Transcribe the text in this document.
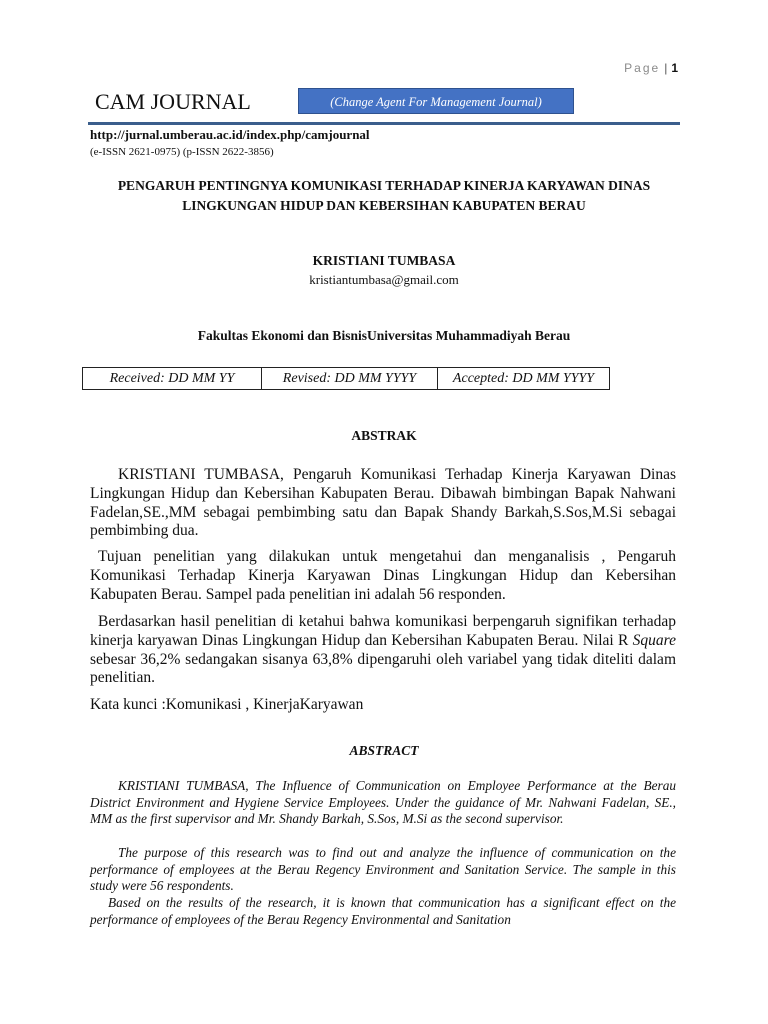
Page | 1
CAM JOURNAL	(Change Agent For Management Journal)
http://jurnal.umberau.ac.id/index.php/camjournal
(e-ISSN 2621-0975) (p-ISSN 2622-3856)
PENGARUH PENTINGNYA KOMUNIKASI TERHADAP KINERJA KARYAWAN DINAS LINGKUNGAN HIDUP DAN KEBERSIHAN KABUPATEN BERAU
KRISTIANI TUMBASA
kristiantumbasa@gmail.com
Fakultas Ekonomi dan BisnisUniversitas Muhammadiyah Berau
Received: DD MM YY	Revised: DD MM YYYY	Accepted: DD MM YYYY
ABSTRAK

KRISTIANI TUMBASA, Pengaruh Komunikasi Terhadap Kinerja Karyawan Dinas Lingkungan Hidup dan Kebersihan Kabupaten Berau. Dibawah bimbingan Bapak Nahwani Fadelan,SE.,MM sebagai pembimbing satu dan Bapak Shandy Barkah,S.Sos,M.Si sebagai pembimbing dua.

Tujuan penelitian yang dilakukan untuk mengetahui dan menganalisis , Pengaruh Komunikasi Terhadap Kinerja Karyawan Dinas Lingkungan Hidup dan Kebersihan Kabupaten Berau. Sampel pada penelitian ini adalah 56 responden.

Berdasarkan hasil penelitian di ketahui bahwa komunikasi berpengaruh signifikan terhadap kinerja karyawan Dinas Lingkungan Hidup dan Kebersihan Kabupaten Berau. Nilai R Square sebesar 36,2% sedangakan sisanya 63,8% dipengaruhi oleh variabel yang tidak diteliti dalam penelitian.

Kata kunci :Komunikasi , KinerjaKaryawan
ABSTRACT

KRISTIANI TUMBASA, The Influence of Communication on Employee Performance at the Berau District Environment and Hygiene Service Employees. Under the guidance of Mr. Nahwani Fadelan, SE., MM as the first supervisor and Mr. Shandy Barkah, S.Sos, M.Si as the second supervisor.

The purpose of this research was to find out and analyze the influence of communication on the performance of employees at the Berau Regency Environment and Sanitation Service. The sample in this study were 56 respondents.

Based on the results of the research, it is known that communication has a significant effect on the performance of employees of the Berau Regency Environmental and Sanitation
